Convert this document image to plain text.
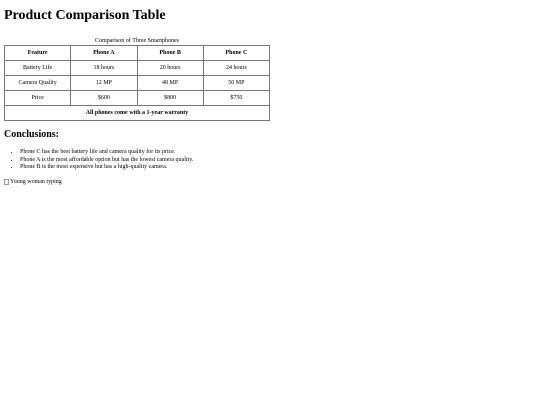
Product Comparison Table
Comparison of Three Smartphones
Feature	Phone A	Phone B	Phone C
Battery Life	18 hours	20 hours	24 hours
Camera Quality	12 MP	48 MP	50 MP
Price	$600	$800	$750
All phones come with a 1-year warranty			
Conclusions:
• Phone C has the best battery life and camera quality for its price.
• Phone A is the most affordable option but has the lowest camera quality.
• Phone B is the most expensive but has a high-quality camera.
Young woman typing
